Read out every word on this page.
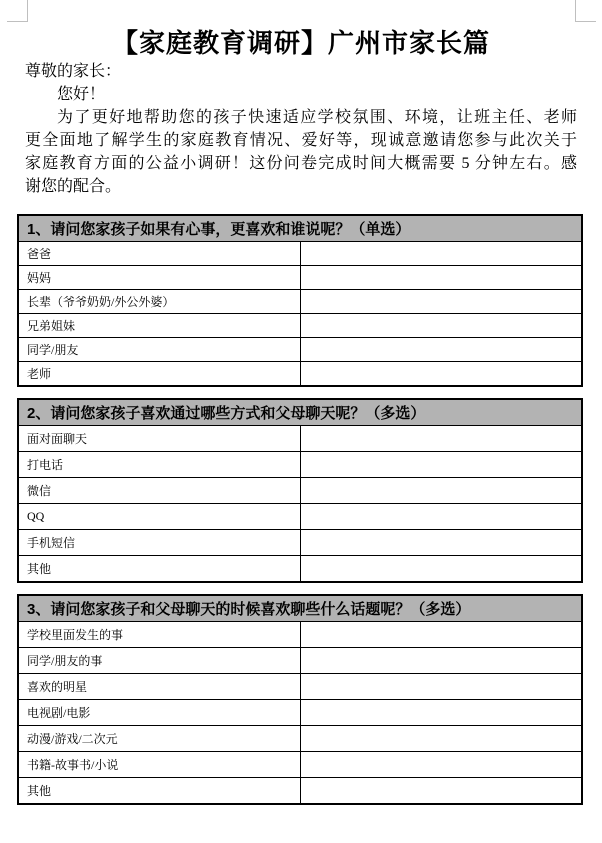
【家庭教育调研】广州市家长篇
尊敬的家长：
您好！
为了更好地帮助您的孩子快速适应学校氛围、环境，让班主任、老师
更全面地了解学生的家庭教育情况、爱好等，现诚意邀请您参与此次关于
家庭教育方面的公益小调研！这份问卷完成时间大概需要 5 分钟左右。感
谢您的配合。
1、请问您家孩子如果有心事，更喜欢和谁说呢？（单选）	
爸爸	
妈妈	
长辈（爷爷奶奶/外公外婆）	
兄弟姐妹	
同学/朋友	
老师	
2、请问您家孩子喜欢通过哪些方式和父母聊天呢？（多选）	
面对面聊天	
打电话	
微信	
QQ	
手机短信	
其他	
3、请问您家孩子和父母聊天的时候喜欢聊些什么话题呢？（多选）	
学校里面发生的事	
同学/朋友的事	
喜欢的明星	
电视剧/电影	
动漫/游戏/二次元	
书籍-故事书/小说	
其他	
